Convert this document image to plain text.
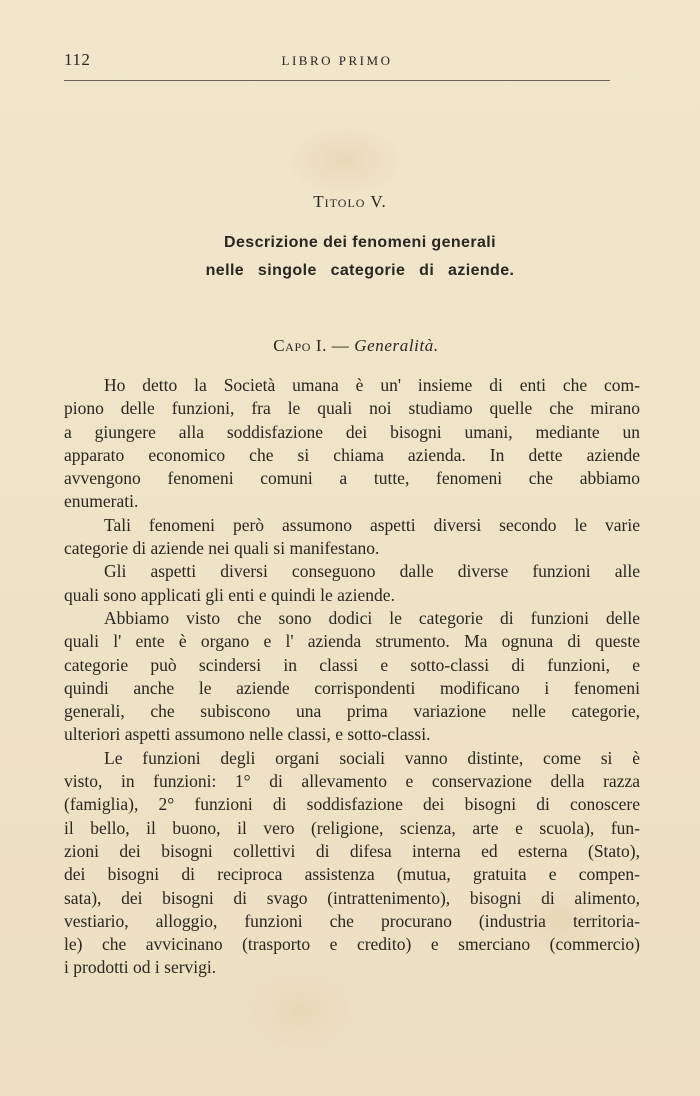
112	LIBRO PRIMO
Titolo V.
Descrizione dei fenomeni generali
nelle singole categorie di aziende.
Capo I. — Generalità.
Ho detto la Società umana è un' insieme di enti che com-
piono delle funzioni, fra le quali noi studiamo quelle che mirano
a giungere alla soddisfazione dei bisogni umani, mediante un
apparato economico che si chiama azienda. In dette aziende
avvengono fenomeni comuni a tutte, fenomeni che abbiamo
enumerati.
Tali fenomeni però assumono aspetti diversi secondo le varie
categorie di aziende nei quali si manifestano.
Gli aspetti diversi conseguono dalle diverse funzioni alle
quali sono applicati gli enti e quindi le aziende.
Abbiamo visto che sono dodici le categorie di funzioni delle
quali l' ente è organo e l' azienda strumento. Ma ognuna di queste
categorie può scindersi in classi e sotto-classi di funzioni, e
quindi anche le aziende corrispondenti modificano i fenomeni
generali, che subiscono una prima variazione nelle categorie,
ulteriori aspetti assumono nelle classi, e sotto-classi.
Le funzioni degli organi sociali vanno distinte, come si è
visto, in funzioni: 1° di allevamento e conservazione della razza
(famiglia), 2° funzioni di soddisfazione dei bisogni di conoscere
il bello, il buono, il vero (religione, scienza, arte e scuola), fun-
zioni dei bisogni collettivi di difesa interna ed esterna (Stato),
dei bisogni di reciproca assistenza (mutua, gratuita e compen-
sata), dei bisogni di svago (intrattenimento), bisogni di alimento,
vestiario, alloggio, funzioni che procurano (industria territoria-
le) che avvicinano (trasporto e credito) e smerciano (commercio)
i prodotti od i servigi.
